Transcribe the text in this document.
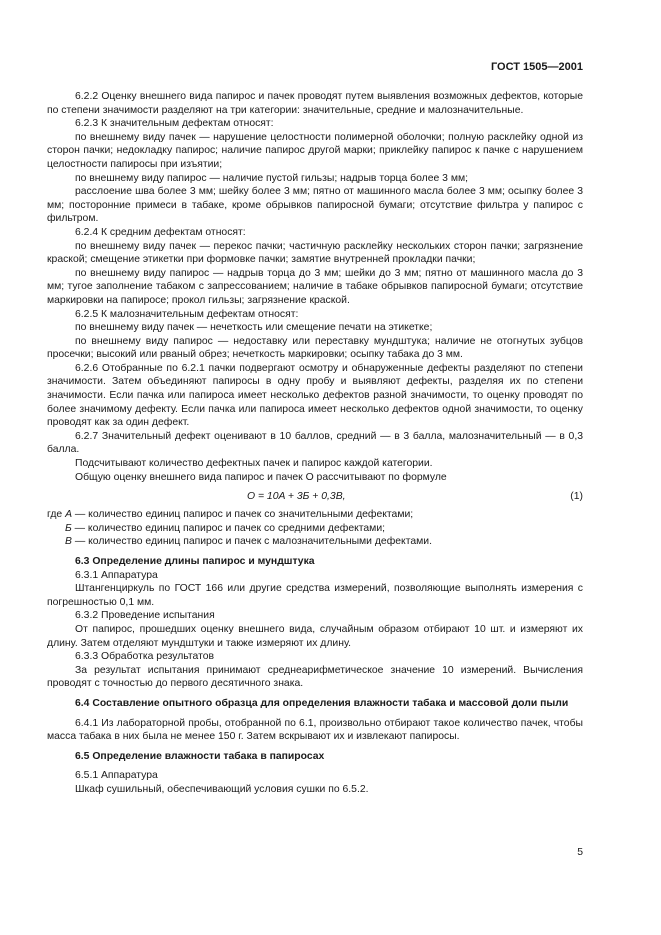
ГОСТ 1505—2001

6.2.2 Оценку внешнего вида папирос и пачек проводят путем выявления возможных дефектов, которые по степени значимости разделяют на три категории: значительные, средние и малозначительные.

6.2.3 К значительным дефектам относят:

по внешнему виду пачек — нарушение целостности полимерной оболочки; полную расклейку одной из сторон пачки; недокладку папирос; наличие папирос другой марки; приклейку папирос к пачке с нарушением целостности папиросы при изъятии;

по внешнему виду папирос — наличие пустой гильзы; надрыв торца более 3 мм;

расслоение шва более 3 мм; шейку более 3 мм; пятно от машинного масла более 3 мм; осыпку более 3 мм; посторонние примеси в табаке, кроме обрывков папиросной бумаги; отсутствие фильтра у папирос с фильтром.

6.2.4 К средним дефектам относят:

по внешнему виду пачек — перекос пачки; частичную расклейку нескольких сторон пачки; загрязнение краской; смещение этикетки при формовке пачки; замятие внутренней прокладки пачки;

по внешнему виду папирос — надрыв торца до 3 мм; шейки до 3 мм; пятно от машинного масла до 3 мм; тугое заполнение табаком с запрессованием; наличие в табаке обрывков папиросной бумаги; отсутствие маркировки на папиросе; прокол гильзы; загрязнение краской.

6.2.5 К малозначительным дефектам относят:

по внешнему виду пачек — нечеткость или смещение печати на этикетке;

по внешнему виду папирос — недоставку или переставку мундштука; наличие не отогнутых зубцов просечки; высокий или рваный обрез; нечеткость маркировки; осыпку табака до 3 мм.

6.2.6 Отобранные по 6.2.1 пачки подвергают осмотру и обнаруженные дефекты разделяют по степени значимости. Затем объединяют папиросы в одну пробу и выявляют дефекты, разделяя их по степени значимости. Если пачка или папироса имеет несколько дефектов разной значимости, то оценку проводят по более значимому дефекту. Если пачка или папироса имеет несколько дефектов одной значимости, то оценку проводят как за один дефект.

6.2.7 Значительный дефект оценивают в 10 баллов, средний — в 3 балла, малозначительный — в 0,3 балла.

Подсчитывают количество дефектных пачек и папирос каждой категории.

Общую оценку внешнего вида папирос и пачек O рассчитывают по формуле

O = 10A + 3Б + 0,3B,	(1)
где A — количество единиц папирос и пачек со значительными дефектами;
Б — количество единиц папирос и пачек со средними дефектами;
B — количество единиц папирос и пачек с малозначительными дефектами.

6.3 Определение длины папирос и мундштука

6.3.1 Аппаратура

Штангенциркуль по ГОСТ 166 или другие средства измерений, позволяющие выполнять измерения с погрешностью 0,1 мм.

6.3.2 Проведение испытания

От папирос, прошедших оценку внешнего вида, случайным образом отбирают 10 шт. и измеряют их длину. Затем отделяют мундштуки и также измеряют их длину.

6.3.3 Обработка результатов

За результат испытания принимают среднеарифметическое значение 10 измерений. Вычисления проводят с точностью до первого десятичного знака.

6.4 Составление опытного образца для определения влажности табака и массовой доли пыли

6.4.1 Из лабораторной пробы, отобранной по 6.1, произвольно отбирают такое количество пачек, чтобы масса табака в них была не менее 150 г. Затем вскрывают их и извлекают папиросы.

6.5 Определение влажности табака в папиросах

6.5.1 Аппаратура

Шкаф сушильный, обеспечивающий условия сушки по 6.5.2.

5
